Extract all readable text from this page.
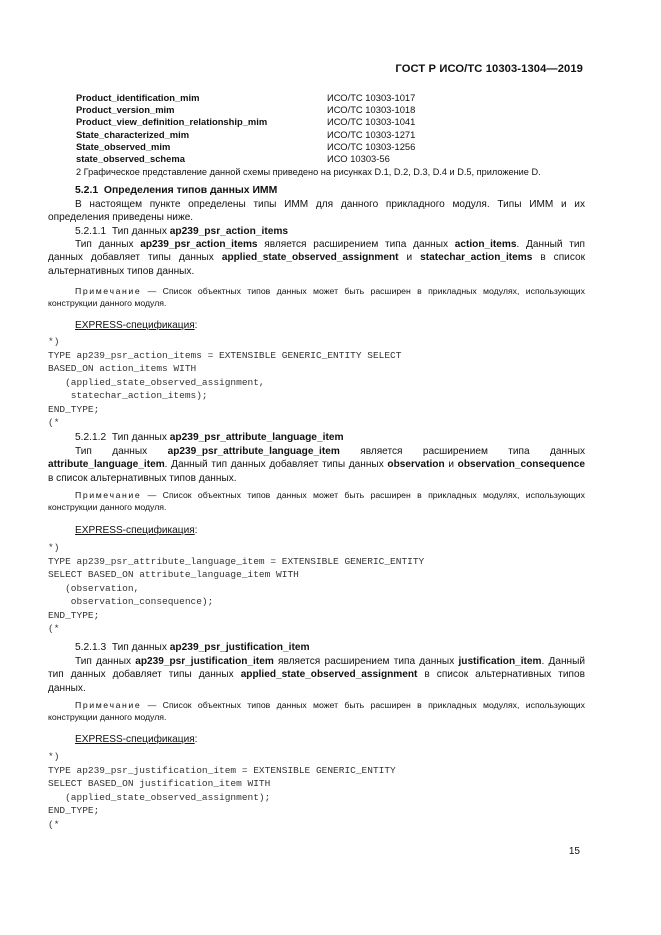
ГОСТ Р ИСО/ТС 10303-1304—2019
Product_identification_mim	ИСО/ТС 10303-1017
Product_version_mim	ИСО/ТС 10303-1018
Product_view_definition_relationship_mim	ИСО/ТС 10303-1041
State_characterized_mim	ИСО/ТС 10303-1271
State_observed_mim	ИСО/ТС 10303-1256
state_observed_schema	ИСО 10303-56
2 Графическое представление данной схемы приведено на рисунках D.1, D.2, D.3, D.4 и D.5, приложение D.
5.2.1 Определения типов данных ИММ
В настоящем пункте определены типы ИММ для данного прикладного модуля. Типы ИММ и их определения приведены ниже.
5.2.1.1 Тип данных ap239_psr_action_items
Тип данных ap239_psr_action_items является расширением типа данных action_items. Данный тип данных добавляет типы данных applied_state_observed_assignment и statechar_action_items в список альтернативных типов данных.
Примечание — Список объектных типов данных может быть расширен в прикладных модулях, использующих конструкции данного модуля.
EXPRESS-спецификация:
*)
TYPE ap239_psr_action_items = EXTENSIBLE GENERIC_ENTITY SELECT
BASED_ON action_items WITH
(applied_state_observed_assignment,
statechar_action_items);
END_TYPE;
(*
5.2.1.2 Тип данных ap239_psr_attribute_language_item
Тип данных ap239_psr_attribute_language_item является расширением типа данных attribute_language_item. Данный тип данных добавляет типы данных observation и observation_consequence в список альтернативных типов данных.
Примечание — Список объектных типов данных может быть расширен в прикладных модулях, использующих конструкции данного модуля.
EXPRESS-спецификация:
*)
TYPE ap239_psr_attribute_language_item = EXTENSIBLE GENERIC_ENTITY
SELECT BASED_ON attribute_language_item WITH
(observation,
observation_consequence);
END_TYPE;
(*
5.2.1.3 Тип данных ap239_psr_justification_item
Тип данных ap239_psr_justification_item является расширением типа данных justification_item. Данный тип данных добавляет типы данных applied_state_observed_assignment в список альтернативных типов данных.
Примечание — Список объектных типов данных может быть расширен в прикладных модулях, использующих конструкции данного модуля.
EXPRESS-спецификация:
*)
TYPE ap239_psr_justification_item = EXTENSIBLE GENERIC_ENTITY
SELECT BASED_ON justification_item WITH
(applied_state_observed_assignment);
END_TYPE;
(*
15
